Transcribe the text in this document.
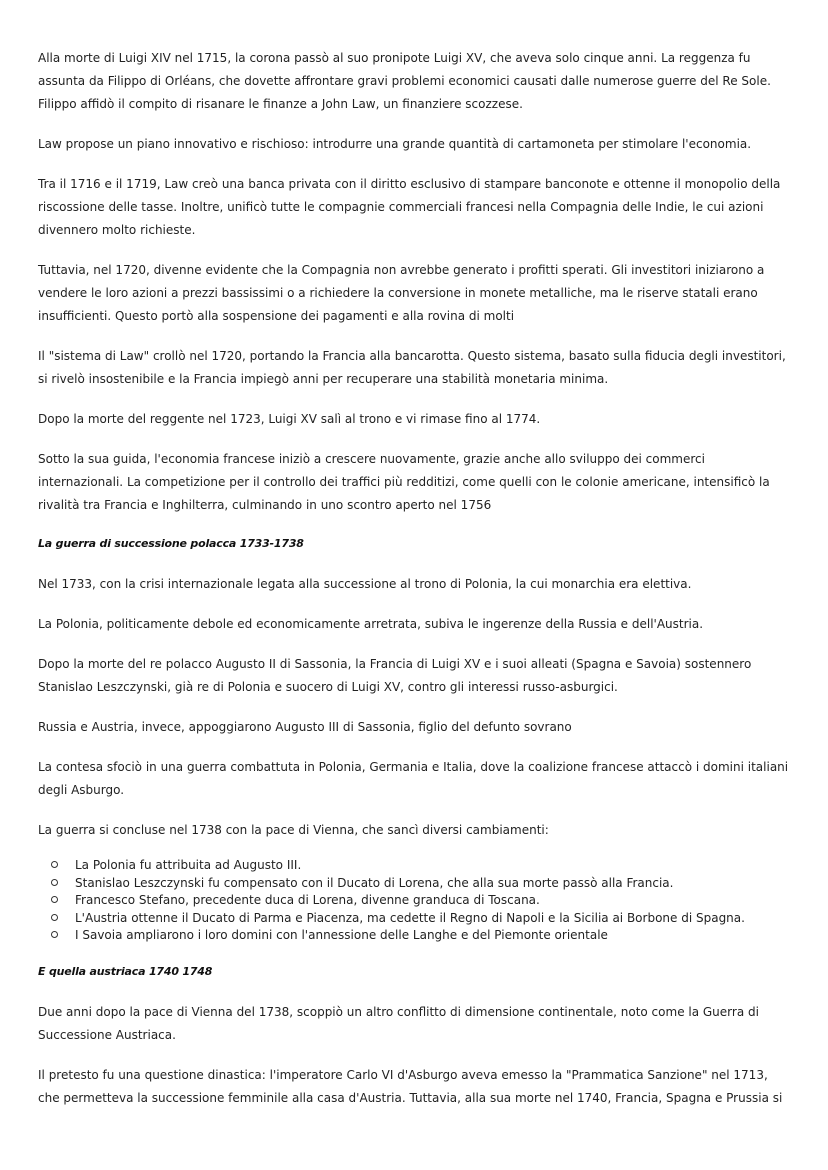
Alla morte di Luigi XIV nel 1715, la corona passò al suo pronipote Luigi XV, che aveva solo cinque anni. La reggenza fu assunta da Filippo di Orléans, che dovette affrontare gravi problemi economici causati dalle numerose guerre del Re Sole. Filippo affidò il compito di risanare le finanze a John Law, un finanziere scozzese.

Law propose un piano innovativo e rischioso: introdurre una grande quantità di cartamoneta per stimolare l'economia.

Tra il 1716 e il 1719, Law creò una banca privata con il diritto esclusivo di stampare banconote e ottenne il monopolio della riscossione delle tasse. Inoltre, unificò tutte le compagnie commerciali francesi nella Compagnia delle Indie, le cui azioni divennero molto richieste.

Tuttavia, nel 1720, divenne evidente che la Compagnia non avrebbe generato i profitti sperati. Gli investitori iniziarono a vendere le loro azioni a prezzi bassissimi o a richiedere la conversione in monete metalliche, ma le riserve statali erano insufficienti. Questo portò alla sospensione dei pagamenti e alla rovina di molti

Il "sistema di Law" crollò nel 1720, portando la Francia alla bancarotta. Questo sistema, basato sulla fiducia degli investitori, si rivelò insostenibile e la Francia impiegò anni per recuperare una stabilità monetaria minima.

Dopo la morte del reggente nel 1723, Luigi XV salì al trono e vi rimase fino al 1774.

Sotto la sua guida, l'economia francese iniziò a crescere nuovamente, grazie anche allo sviluppo dei commerci internazionali. La competizione per il controllo dei traffici più redditizi, come quelli con le colonie americane, intensificò la rivalità tra Francia e Inghilterra, culminando in uno scontro aperto nel 1756

La guerra di successione polacca 1733-1738

Nel 1733, con la crisi internazionale legata alla successione al trono di Polonia, la cui monarchia era elettiva.

La Polonia, politicamente debole ed economicamente arretrata, subiva le ingerenze della Russia e dell'Austria.

Dopo la morte del re polacco Augusto II di Sassonia, la Francia di Luigi XV e i suoi alleati (Spagna e Savoia) sostennero Stanislao Leszczynski, già re di Polonia e suocero di Luigi XV, contro gli interessi russo-asburgici.

Russia e Austria, invece, appoggiarono Augusto III di Sassonia, figlio del defunto sovrano

La contesa sfociò in una guerra combattuta in Polonia, Germania e Italia, dove la coalizione francese attaccò i domini italiani degli Asburgo.

La guerra si concluse nel 1738 con la pace di Vienna, che sancì diversi cambiamenti:

La Polonia fu attribuita ad Augusto III.
Stanislao Leszczynski fu compensato con il Ducato di Lorena, che alla sua morte passò alla Francia.
Francesco Stefano, precedente duca di Lorena, divenne granduca di Toscana.
L'Austria ottenne il Ducato di Parma e Piacenza, ma cedette il Regno di Napoli e la Sicilia ai Borbone di Spagna.
I Savoia ampliarono i loro domini con l'annessione delle Langhe e del Piemonte orientale
E quella austriaca 1740 1748

Due anni dopo la pace di Vienna del 1738, scoppiò un altro conflitto di dimensione continentale, noto come la Guerra di Successione Austriaca.

Il pretesto fu una questione dinastica: l'imperatore Carlo VI d'Asburgo aveva emesso la "Prammatica Sanzione" nel 1713, che permetteva la successione femminile alla casa d'Austria. Tuttavia, alla sua morte nel 1740, Francia, Spagna e Prussia si
